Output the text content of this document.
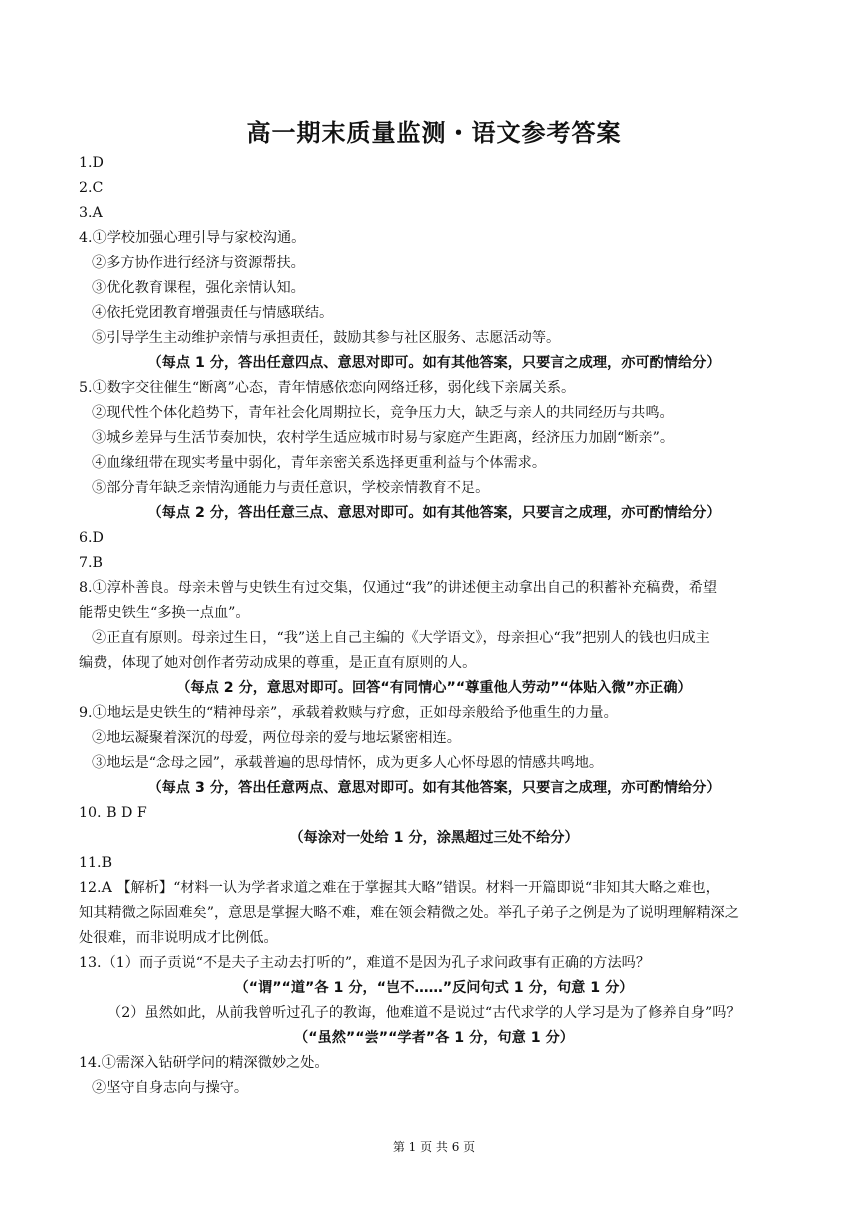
高一期末质量监测・语文参考答案
1.D
2.C
3.A
4.①学校加强心理引导与家校沟通。
②多方协作进行经济与资源帮扶。
③优化教育课程，强化亲情认知。
④依托党团教育增强责任与情感联结。
⑤引导学生主动维护亲情与承担责任，鼓励其参与社区服务、志愿活动等。
（每点 1 分，答出任意四点、意思对即可。如有其他答案，只要言之成理，亦可酌情给分）
5.①数字交往催生“断离”心态，青年情感依恋向网络迁移，弱化线下亲属关系。
②现代性个体化趋势下，青年社会化周期拉长，竞争压力大，缺乏与亲人的共同经历与共鸣。
③城乡差异与生活节奏加快，农村学生适应城市时易与家庭产生距离，经济压力加剧“断亲”。
④血缘纽带在现实考量中弱化，青年亲密关系选择更重利益与个体需求。
⑤部分青年缺乏亲情沟通能力与责任意识，学校亲情教育不足。
（每点 2 分，答出任意三点、意思对即可。如有其他答案，只要言之成理，亦可酌情给分）
6.D
7.B
8.①淳朴善良。母亲未曾与史铁生有过交集，仅通过“我”的讲述便主动拿出自己的积蓄补充稿费，希望
能帮史铁生“多换一点血”。
②正直有原则。母亲过生日，“我”送上自己主编的《大学语文》，母亲担心“我”把别人的钱也归成主
编费，体现了她对创作者劳动成果的尊重，是正直有原则的人。
（每点 2 分，意思对即可。回答“有同情心”“尊重他人劳动”“体贴入微”亦正确）
9.①地坛是史铁生的“精神母亲”，承载着救赎与疗愈，正如母亲般给予他重生的力量。
②地坛凝聚着深沉的母爱，两位母亲的爱与地坛紧密相连。
③地坛是“念母之园”，承载普遍的思母情怀，成为更多人心怀母恩的情感共鸣地。
（每点 3 分，答出任意两点、意思对即可。如有其他答案，只要言之成理，亦可酌情给分）
10. B D F
（每涂对一处给 1 分，涂黑超过三处不给分）
11.B
12.A 【解析】“材料一认为学者求道之难在于掌握其大略”错误。材料一开篇即说“非知其大略之难也，
知其精微之际固难矣”，意思是掌握大略不难，难在领会精微之处。举孔子弟子之例是为了说明理解精深之
处很难，而非说明成才比例低。
13.（1）而子贡说“不是夫子主动去打听的”，难道不是因为孔子求问政事有正确的方法吗？
（“谓”“道”各 1 分，“岂不……”反问句式 1 分，句意 1 分）
（2）虽然如此，从前我曾听过孔子的教诲，他难道不是说过“古代求学的人学习是为了修养自身”吗？
（“虽然”“尝”“学者”各 1 分，句意 1 分）
14.①需深入钻研学问的精深微妙之处。
②坚守自身志向与操守。
第 1 页 共 6 页
